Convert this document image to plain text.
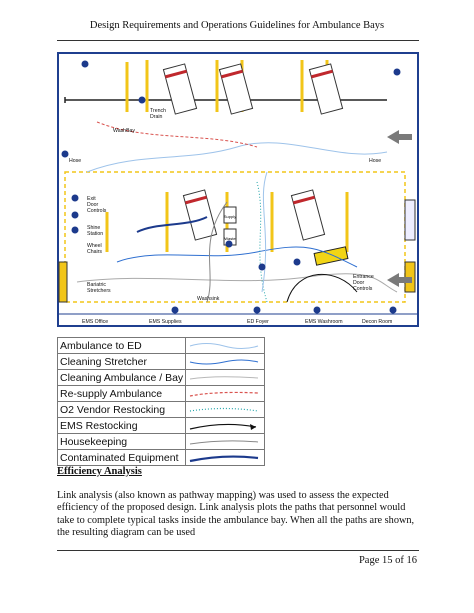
Design Requirements and Operations Guidelines for Ambulance Bays
Supply
Waste
EMS Office	EMS Supplies	ED Foyer	EMS Washroom	Decon Room
WashBay
Trench Drain
Hose	Hose
Exit Door Controls
Shine Station
Wheel Chairs
Bariatric Stretchers
Washsink
Entrance Door Controls
Ambulance to ED	

Cleaning Stretcher	

Cleaning Ambulance / Bay	

Re-supply Ambulance	

O2 Vendor Restocking	

EMS Restocking	

Housekeeping	

Contaminated Equipment	
Efficiency Analysis
Link analysis (also known as pathway mapping) was used to assess the expected efficiency of the proposed design. Link analysis plots the paths that personnel would take to complete typical tasks inside the ambulance bay. When all the paths are shown, the resulting diagram can be used
Page 15 of 16
